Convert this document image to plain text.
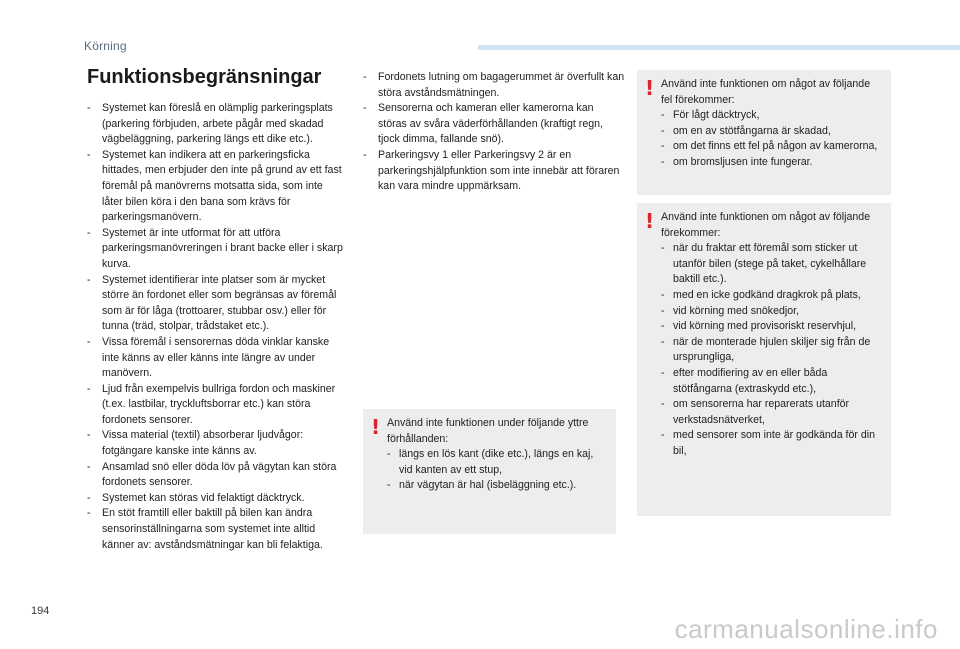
Körning
Funktionsbegränsningar
- Systemet kan föreslå en olämplig parkeringsplats (parkering förbjuden, arbete pågår med skadad vägbeläggning, parkering längs ett dike etc.).
- Systemet kan indikera att en parkeringsficka hittades, men erbjuder den inte på grund av ett fast föremål på manövrerns motsatta sida, som inte låter bilen köra i den bana som krävs för parkeringsmanövern.
- Systemet är inte utformat för att utföra parkeringsmanövreringen i brant backe eller i skarp kurva.
- Systemet identifierar inte platser som är mycket större än fordonet eller som begränsas av föremål som är för låga (trottoarer, stubbar osv.) eller för tunna (träd, stolpar, trådstaket etc.).
- Vissa föremål i sensorernas döda vinklar kanske inte känns av eller känns inte längre av under manövern.
- Ljud från exempelvis bullriga fordon och maskiner (t.ex. lastbilar, tryckluftsborrar etc.) kan störa fordonets sensorer.
- Vissa material (textil) absorberar ljudvågor: fotgängare kanske inte känns av.
- Ansamlad snö eller döda löv på vägytan kan störa fordonets sensorer.
- Systemet kan störas vid felaktigt däcktryck.
- En stöt framtill eller baktill på bilen kan ändra sensorinställningarna som systemet inte alltid känner av: avståndsmätningar kan bli felaktiga.
- Fordonets lutning om bagagerummet är överfullt kan störa avståndsmätningen.
- Sensorerna och kameran eller kamerorna kan störas av svåra väderförhållanden (kraftigt regn, tjock dimma, fallande snö).
- Parkeringsvy 1 eller Parkeringsvy 2 är en parkeringshjälpfunktion som inte innebär att föraren kan vara mindre uppmärksam.
! Använd inte funktionen under följande yttre förhållanden:
- längs en lös kant (dike etc.), längs en kaj, vid kanten av ett stup,
- när vägytan är hal (isbeläggning etc.).
! Använd inte funktionen om något av följande fel förekommer:
- För lågt däcktryck,
- om en av stötfångarna är skadad,
- om det finns ett fel på någon av kamerorna,
- om bromsljusen inte fungerar.
! Använd inte funktionen om något av följande förekommer:
- när du fraktar ett föremål som sticker ut utanför bilen (stege på taket, cykelhållare baktill etc.).
- med en icke godkänd dragkrok på plats,
- vid körning med snökedjor,
- vid körning med provisoriskt reservhjul,
- när de monterade hjulen skiljer sig från de ursprungliga,
- efter modifiering av en eller båda stötfångarna (extraskydd etc.),
- om sensorerna har reparerats utanför verkstadsnätverket,
- med sensorer som inte är godkända för din bil,
194
carmanualsonline.info
